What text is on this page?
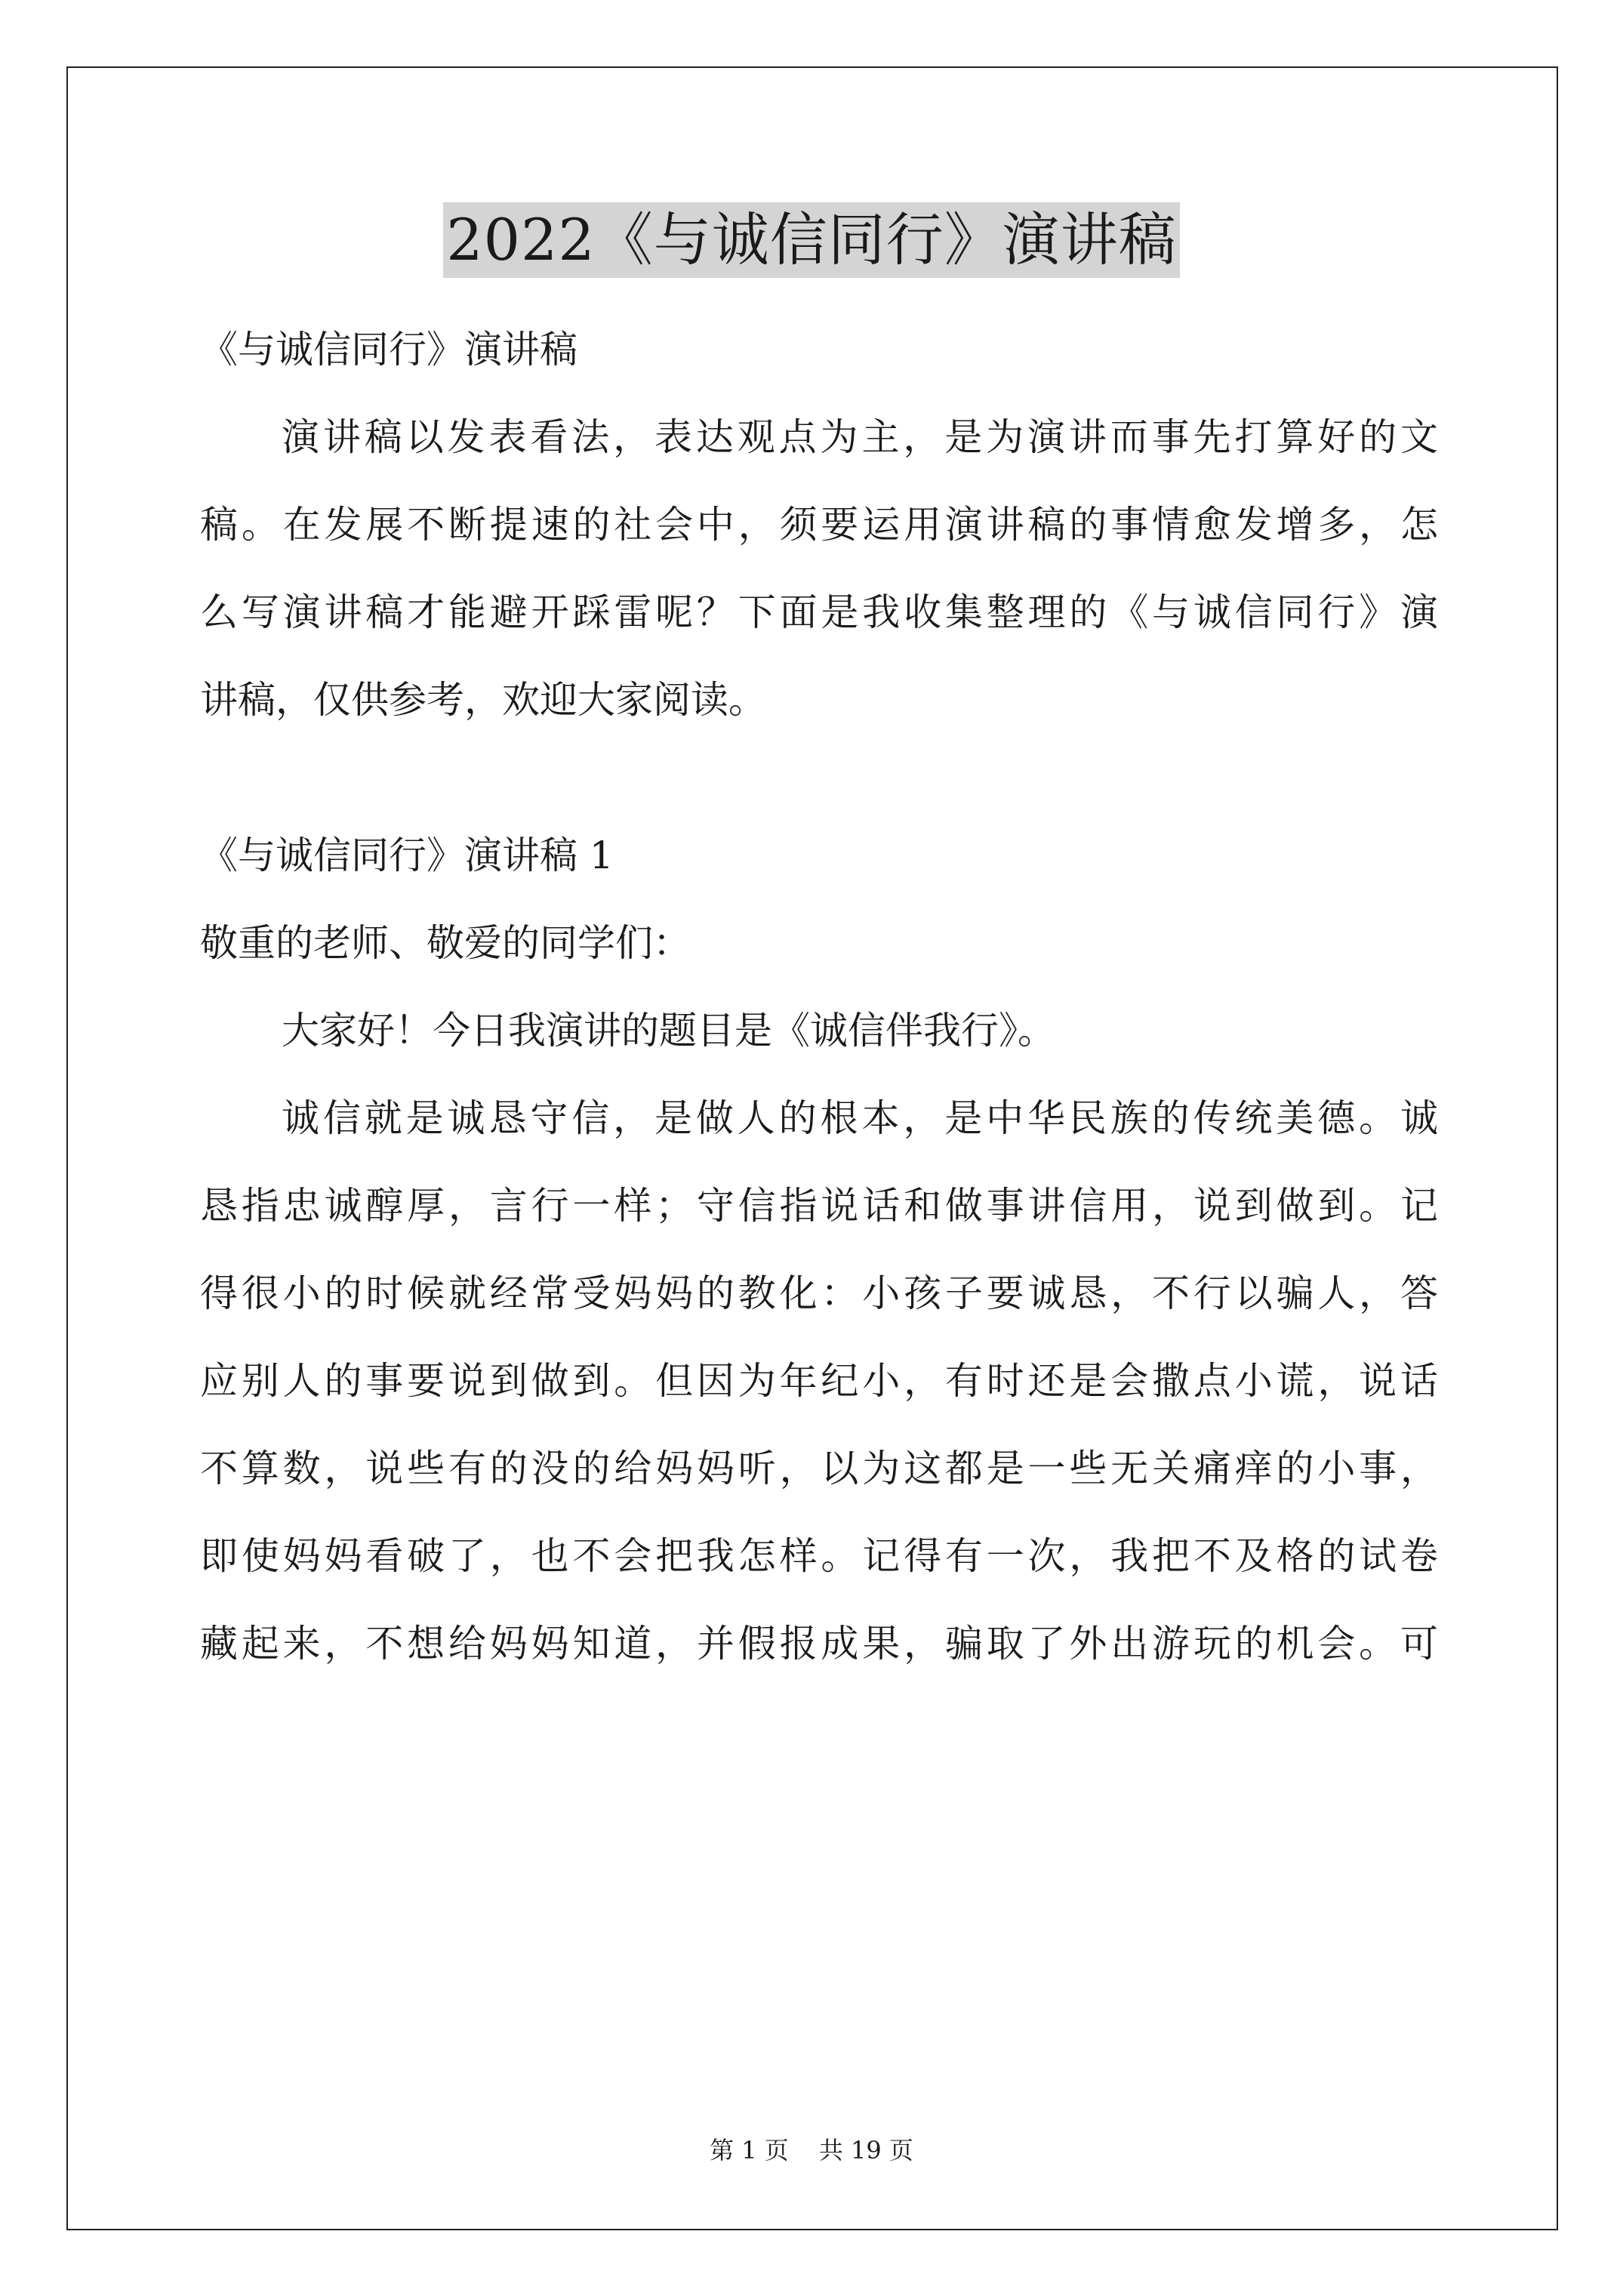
2022《与诚信同行》演讲稿
《与诚信同行》演讲稿
演讲稿以发表看法，表达观点为主，是为演讲而事先打算好的文
稿。在发展不断提速的社会中，须要运用演讲稿的事情愈发增多，怎
么写演讲稿才能避开踩雷呢？下面是我收集整理的《与诚信同行》演
讲稿，仅供参考，欢迎大家阅读。
《与诚信同行》演讲稿 1
敬重的老师、敬爱的同学们：
大家好！今日我演讲的题目是《诚信伴我行》。
诚信就是诚恳守信，是做人的根本，是中华民族的传统美德。诚
恳指忠诚醇厚，言行一样；守信指说话和做事讲信用，说到做到。记
得很小的时候就经常受妈妈的教化：小孩子要诚恳，不行以骗人，答
应别人的事要说到做到。但因为年纪小，有时还是会撒点小谎，说话
不算数，说些有的没的给妈妈听，以为这都是一些无关痛痒的小事，
即使妈妈看破了，也不会把我怎样。记得有一次，我把不及格的试卷
藏起来，不想给妈妈知道，并假报成果，骗取了外出游玩的机会。可
第 1 页 共 19 页
